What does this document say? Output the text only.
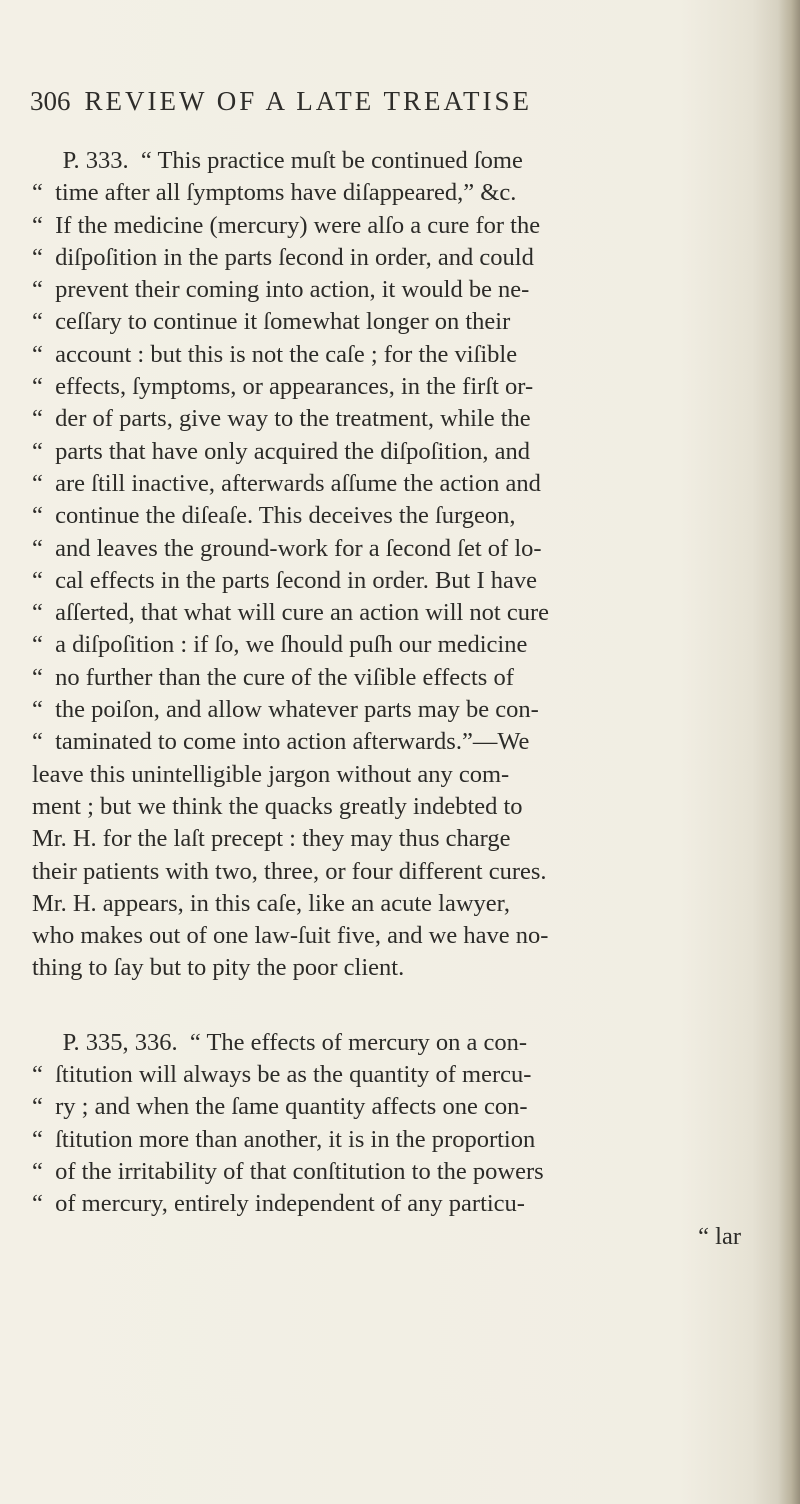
306 REVIEW OF A LATE TREATISE
P. 333.  “ This practice muſt be continued ſome
“  time after all ſymptoms have diſappeared,” &c.
“  If the medicine (mercury) were alſo a cure for the
“  diſpoſition in the parts ſecond in order, and could
“  prevent their coming into action, it would be ne-
“  ceſſary to continue it ſomewhat longer on their
“  account : but this is not the caſe ; for the viſible
“  effects, ſymptoms, or appearances, in the firſt or-
“  der of parts, give way to the treatment, while the
“  parts that have only acquired the diſpoſition, and
“  are ſtill inactive, afterwards aſſume the action and
“  continue the diſeaſe. This deceives the ſurgeon,
“  and leaves the ground-work for a ſecond ſet of lo-
“  cal effects in the parts ſecond in order. But I have
“  aſſerted, that what will cure an action will not cure
“  a diſpoſition : if ſo, we ſhould puſh our medicine
“  no further than the cure of the viſible effects of
“  the poiſon, and allow whatever parts may be con-
“  taminated to come into action afterwards.”—We
leave this unintelligible jargon without any com-
ment ; but we think the quacks greatly indebted to
Mr. H. for the laſt precept : they may thus charge
their patients with two, three, or four different cures.
Mr. H. appears, in this caſe, like an acute lawyer,
who makes out of one law-ſuit five, and we have no-
thing to ſay but to pity the poor client.
P. 335, 336.  “ The effects of mercury on a con-
“  ſtitution will always be as the quantity of mercu-
“  ry ; and when the ſame quantity affects one con-
“  ſtitution more than another, it is in the proportion
“  of the irritability of that conſtitution to the powers
“  of mercury, entirely independent of any particu-
“ lar
